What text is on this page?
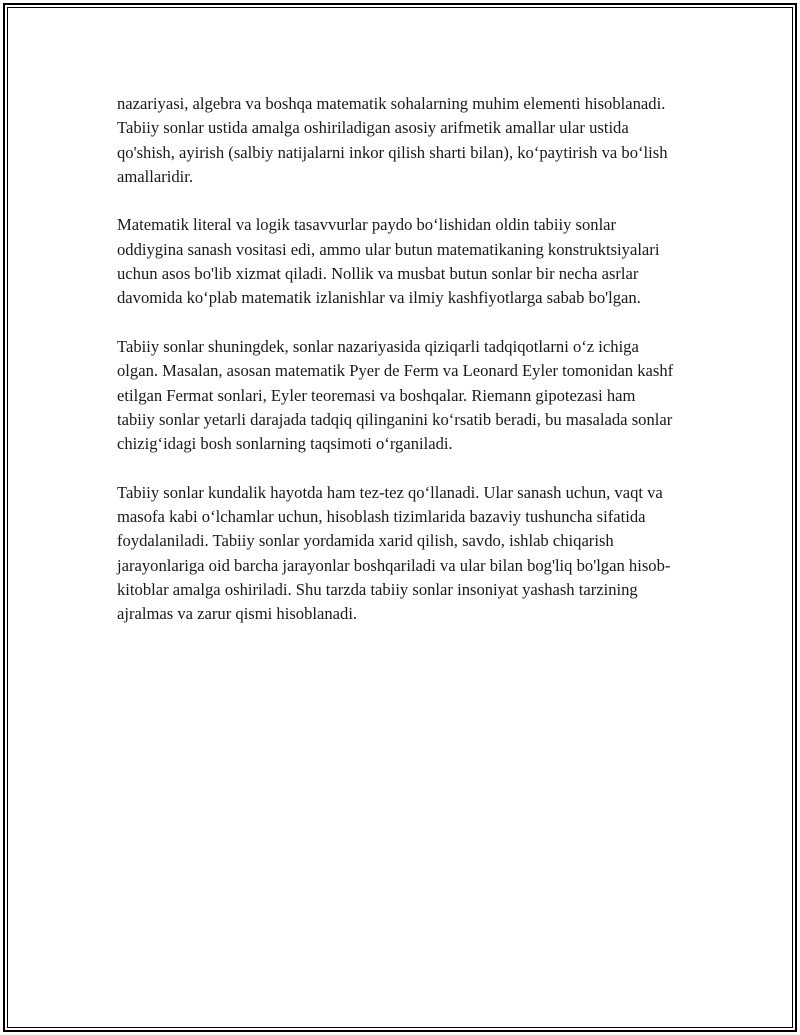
nazariyasi, algebra va boshqa matematik sohalarning muhim elementi hisoblanadi. Tabiiy sonlar ustida amalga oshiriladigan asosiy arifmetik amallar ular ustida qo'shish, ayirish (salbiy natijalarni inkor qilish sharti bilan), ko‘paytirish va bo‘lish amallaridir.

Matematik literal va logik tasavvurlar paydo bo‘lishidan oldin tabiiy sonlar oddiygina sanash vositasi edi, ammo ular butun matematikaning konstruktsiyalari uchun asos bo'lib xizmat qiladi. Nollik va musbat butun sonlar bir necha asrlar davomida ko‘plab matematik izlanishlar va ilmiy kashfiyotlarga sabab bo'lgan.

Tabiiy sonlar shuningdek, sonlar nazariyasida qiziqarli tadqiqotlarni o‘z ichiga olgan. Masalan, asosan matematik Pyer de Ferm va Leonard Eyler tomonidan kashf etilgan Fermat sonlari, Eyler teoremasi va boshqalar. Riemann gipotezasi ham tabiiy sonlar yetarli darajada tadqiq qilinganini ko‘rsatib beradi, bu masalada sonlar chizig‘idagi bosh sonlarning taqsimoti o‘rganiladi.

Tabiiy sonlar kundalik hayotda ham tez-tez qo‘llanadi. Ular sanash uchun, vaqt va masofa kabi o‘lchamlar uchun, hisoblash tizimlarida bazaviy tushuncha sifatida foydalaniladi. Tabiiy sonlar yordamida xarid qilish, savdo, ishlab chiqarish jarayonlariga oid barcha jarayonlar boshqariladi va ular bilan bog'liq bo'lgan hisob-kitoblar amalga oshiriladi. Shu tarzda tabiiy sonlar insoniyat yashash tarzining ajralmas va zarur qismi hisoblanadi.
